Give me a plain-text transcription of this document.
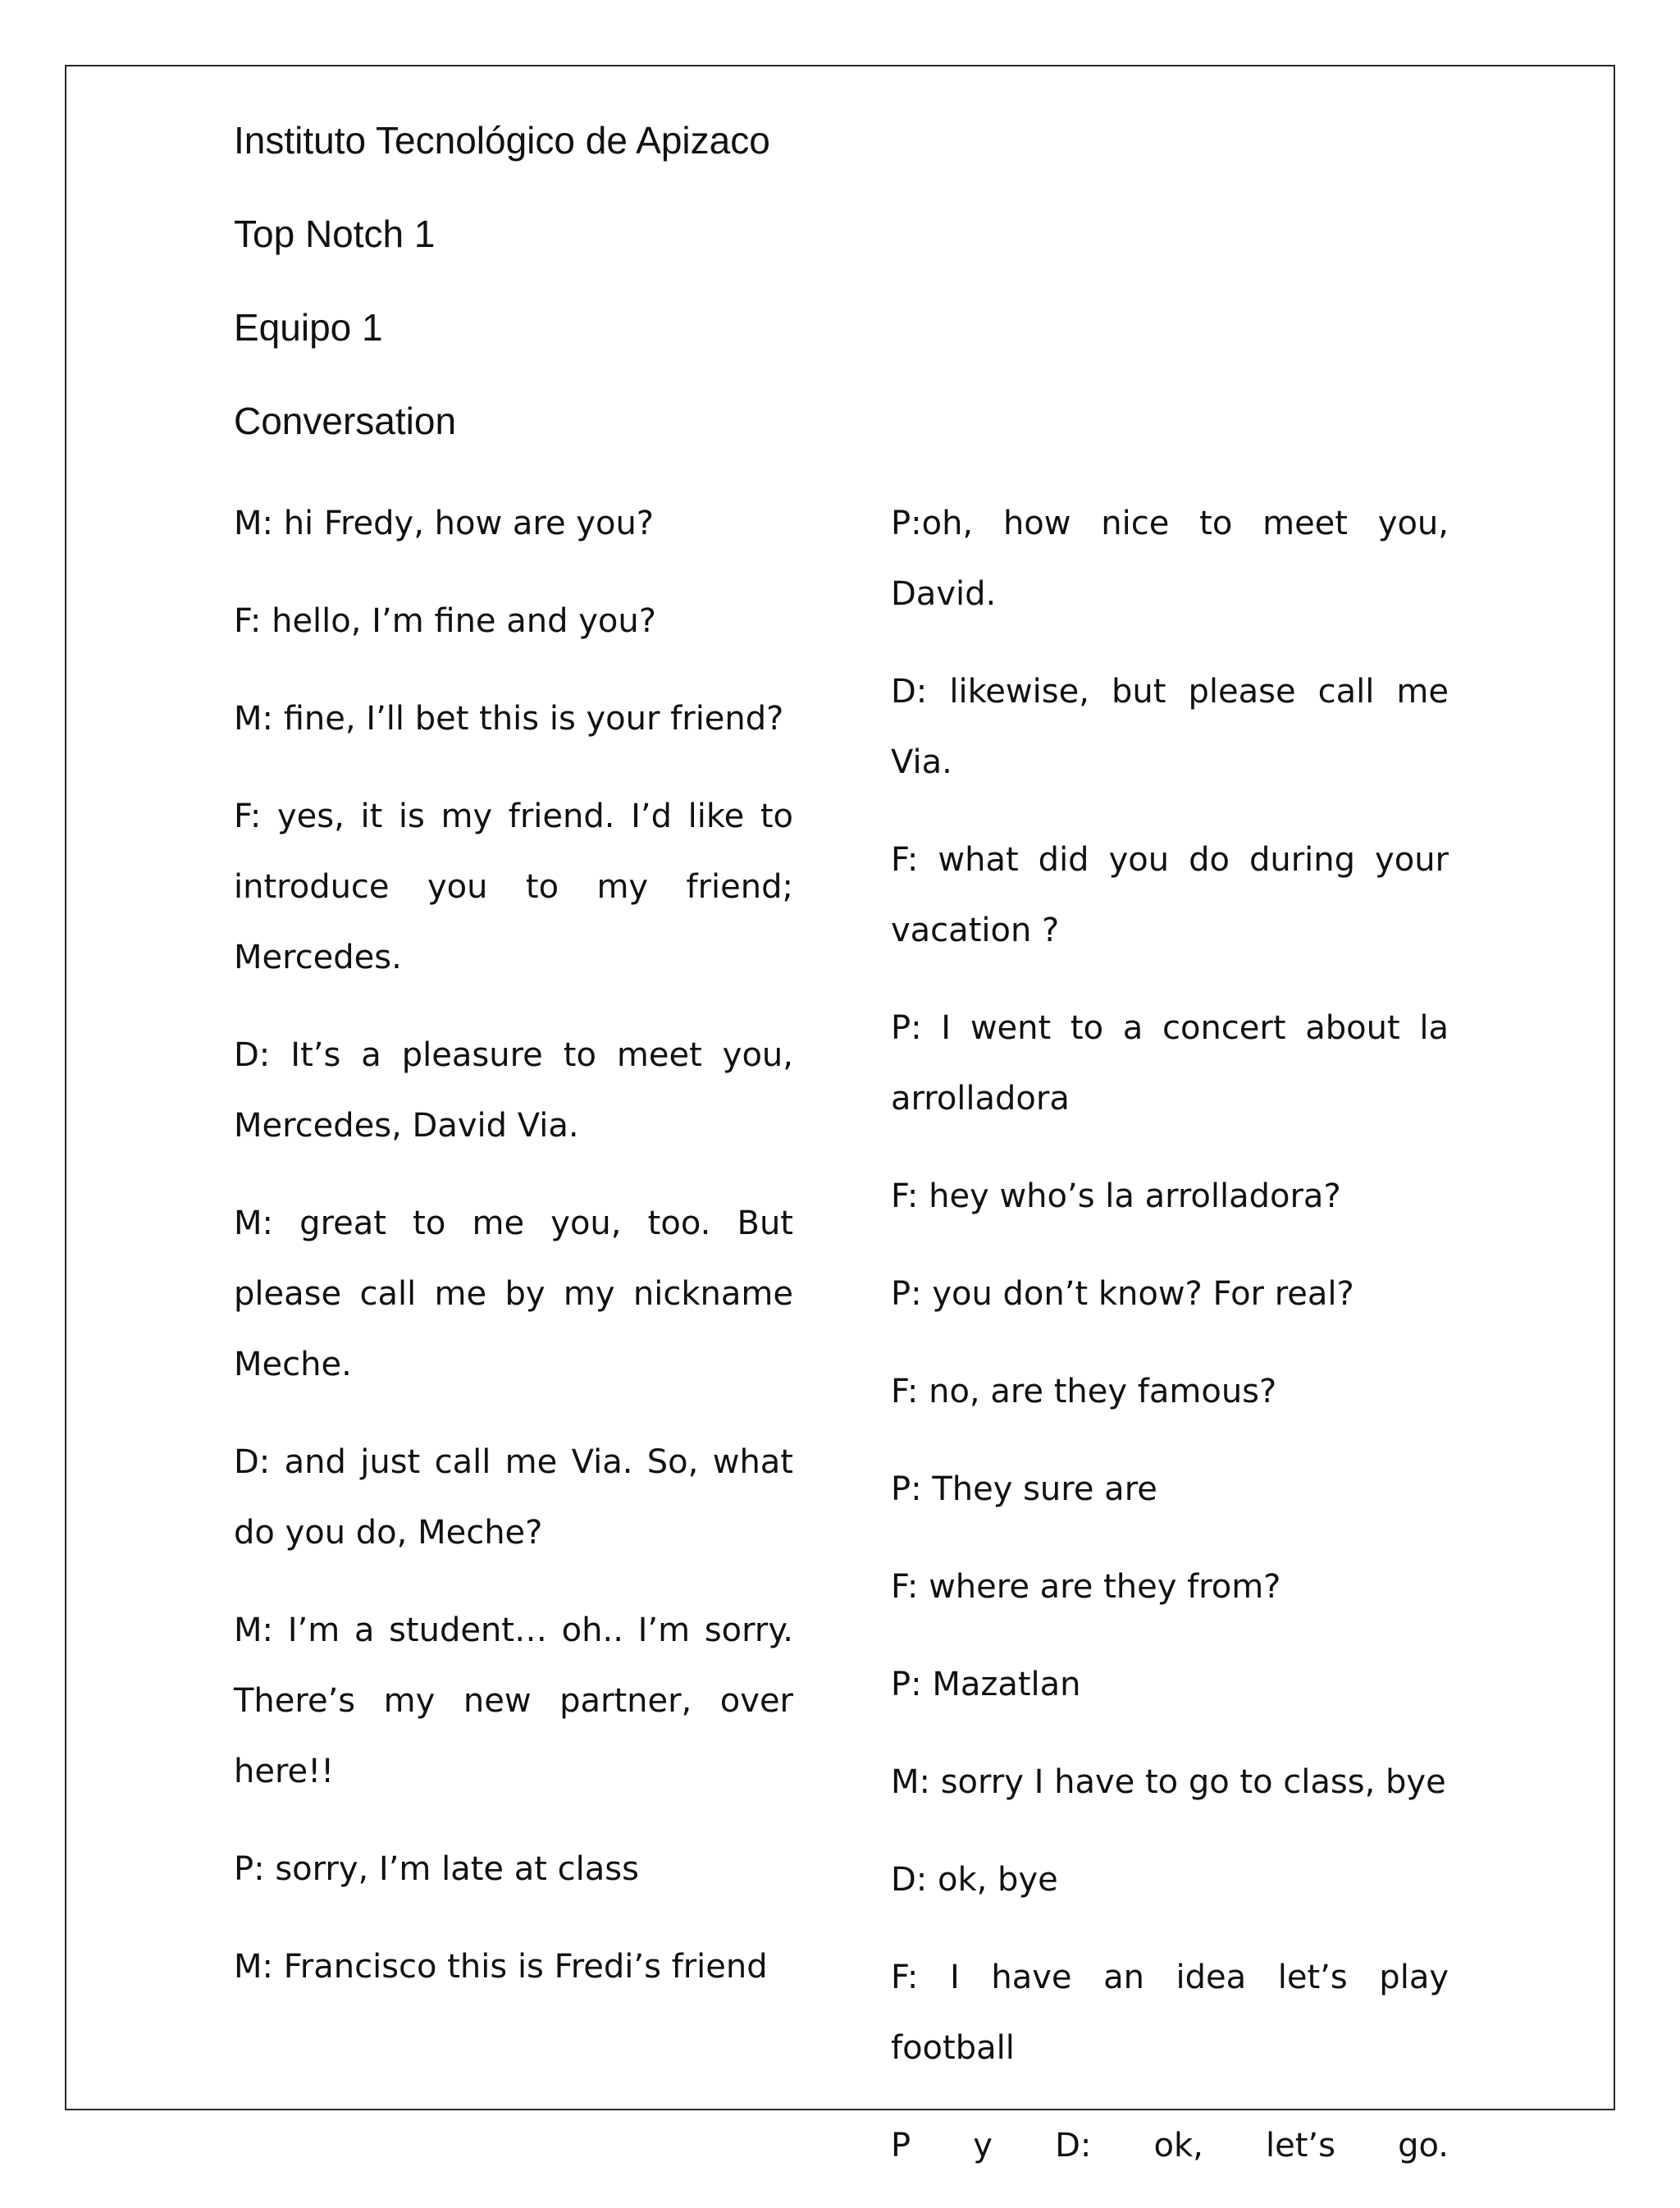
Instituto Tecnológico de Apizaco
Top Notch 1
Equipo 1
Conversation

M: hi Fredy, how are you?

F: hello, I’m fine and you?

M: fine, I’ll bet this is your friend?

F: yes, it is my friend. I’d like to introduce you to my friend; Mercedes.

D: It’s a pleasure to meet you, Mercedes, David Via.

M: great to me you, too. But please call me by my nickname Meche.

D: and just call me Via. So, what do you do, Meche?

M: I’m a student… oh.. I’m sorry. There’s my new partner, over here!!

P: sorry, I’m late at class

M: Francisco this is Fredi’s friend

P:oh, how nice to meet you, David.

D: likewise, but please call me Via.

F: what did you do during your vacation ?

P: I went to a concert about la arrolladora

F: hey who’s la arrolladora?

P: you don’t know? For real?

F: no, are they famous?

P: They sure are

F: where are they from?

P: Mazatlan

M: sorry I have to go to class, bye

D: ok, bye

F: I have an idea let’s play football

P y D: ok, let’s go.
